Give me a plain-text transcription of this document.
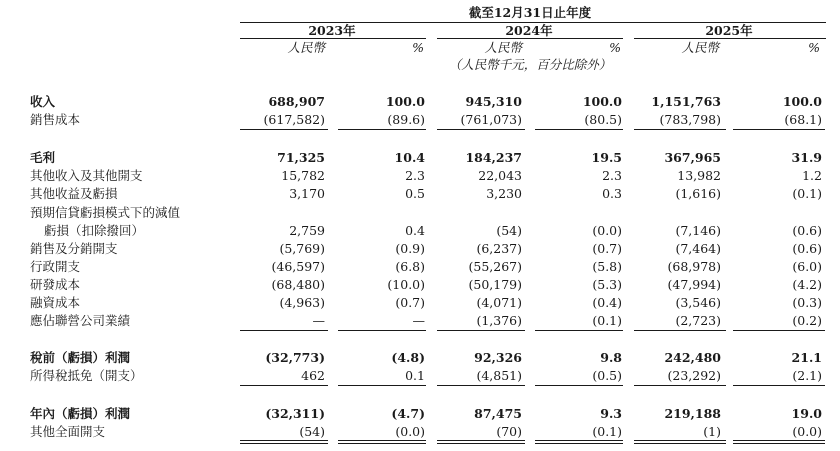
截至12月31日止年度
2023年	2024年	2025年
人民幣	%	人民幣	%	人民幣	%
（人民幣千元，百分比除外）
收入	688,907	100.0	945,310	100.0	1,151,763	100.0
銷售成本	(617,582)	(89.6)	(761,073)	(80.5)	(783,798)	(68.1)
毛利	71,325	10.4	184,237	19.5	367,965	31.9
其他收入及其他開支	15,782	2.3	22,043	2.3	13,982	1.2
其他收益及虧損	3,170	0.5	3,230	0.3	(1,616)	(0.1)
預期信貸虧損模式下的減值
虧損（扣除撥回）	2,759	0.4	(54)	(0.0)	(7,146)	(0.6)
銷售及分銷開支	(5,769)	(0.9)	(6,237)	(0.7)	(7,464)	(0.6)
行政開支	(46,597)	(6.8)	(55,267)	(5.8)	(68,978)	(6.0)
研發成本	(68,480)	(10.0)	(50,179)	(5.3)	(47,994)	(4.2)
融資成本	(4,963)	(0.7)	(4,071)	(0.4)	(3,546)	(0.3)
應佔聯營公司業績	—	—	(1,376)	(0.1)	(2,723)	(0.2)
稅前（虧損）利潤	(32,773)	(4.8)	92,326	9.8	242,480	21.1
所得稅抵免（開支）	462	0.1	(4,851)	(0.5)	(23,292)	(2.1)
年內（虧損）利潤	(32,311)	(4.7)	87,475	9.3	219,188	19.0
其他全面開支	(54)	(0.0)	(70)	(0.1)	(1)	(0.0)
